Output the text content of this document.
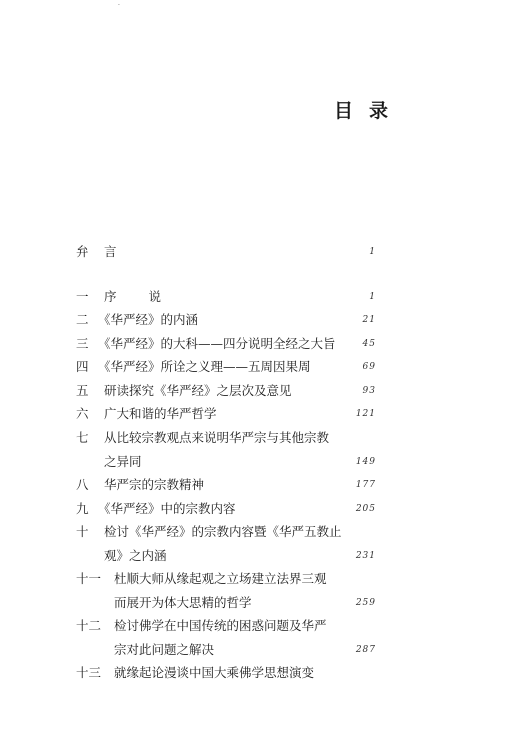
·
目录
弁 言	1
一 序 说	1
二 《华严经》的内涵	21
三 《华严经》的大科——四分说明全经之大旨	45
四 《华严经》所诠之义理——五周因果周	69
五 研读探究《华严经》之层次及意见	93
六 广大和谐的华严哲学	121
七 从比较宗教观点来说明华严宗与其他宗教
之异同	149
八 华严宗的宗教精神	177
九 《华严经》中的宗教内容	205
十 检讨《华严经》的宗教内容暨《华严五教止
观》之内涵	231
十一 杜顺大师从缘起观之立场建立法界三观
而展开为体大思精的哲学	259
十二 检讨佛学在中国传统的困惑问题及华严
宗对此问题之解决	287
十三 就缘起论漫谈中国大乘佛学思想演变
